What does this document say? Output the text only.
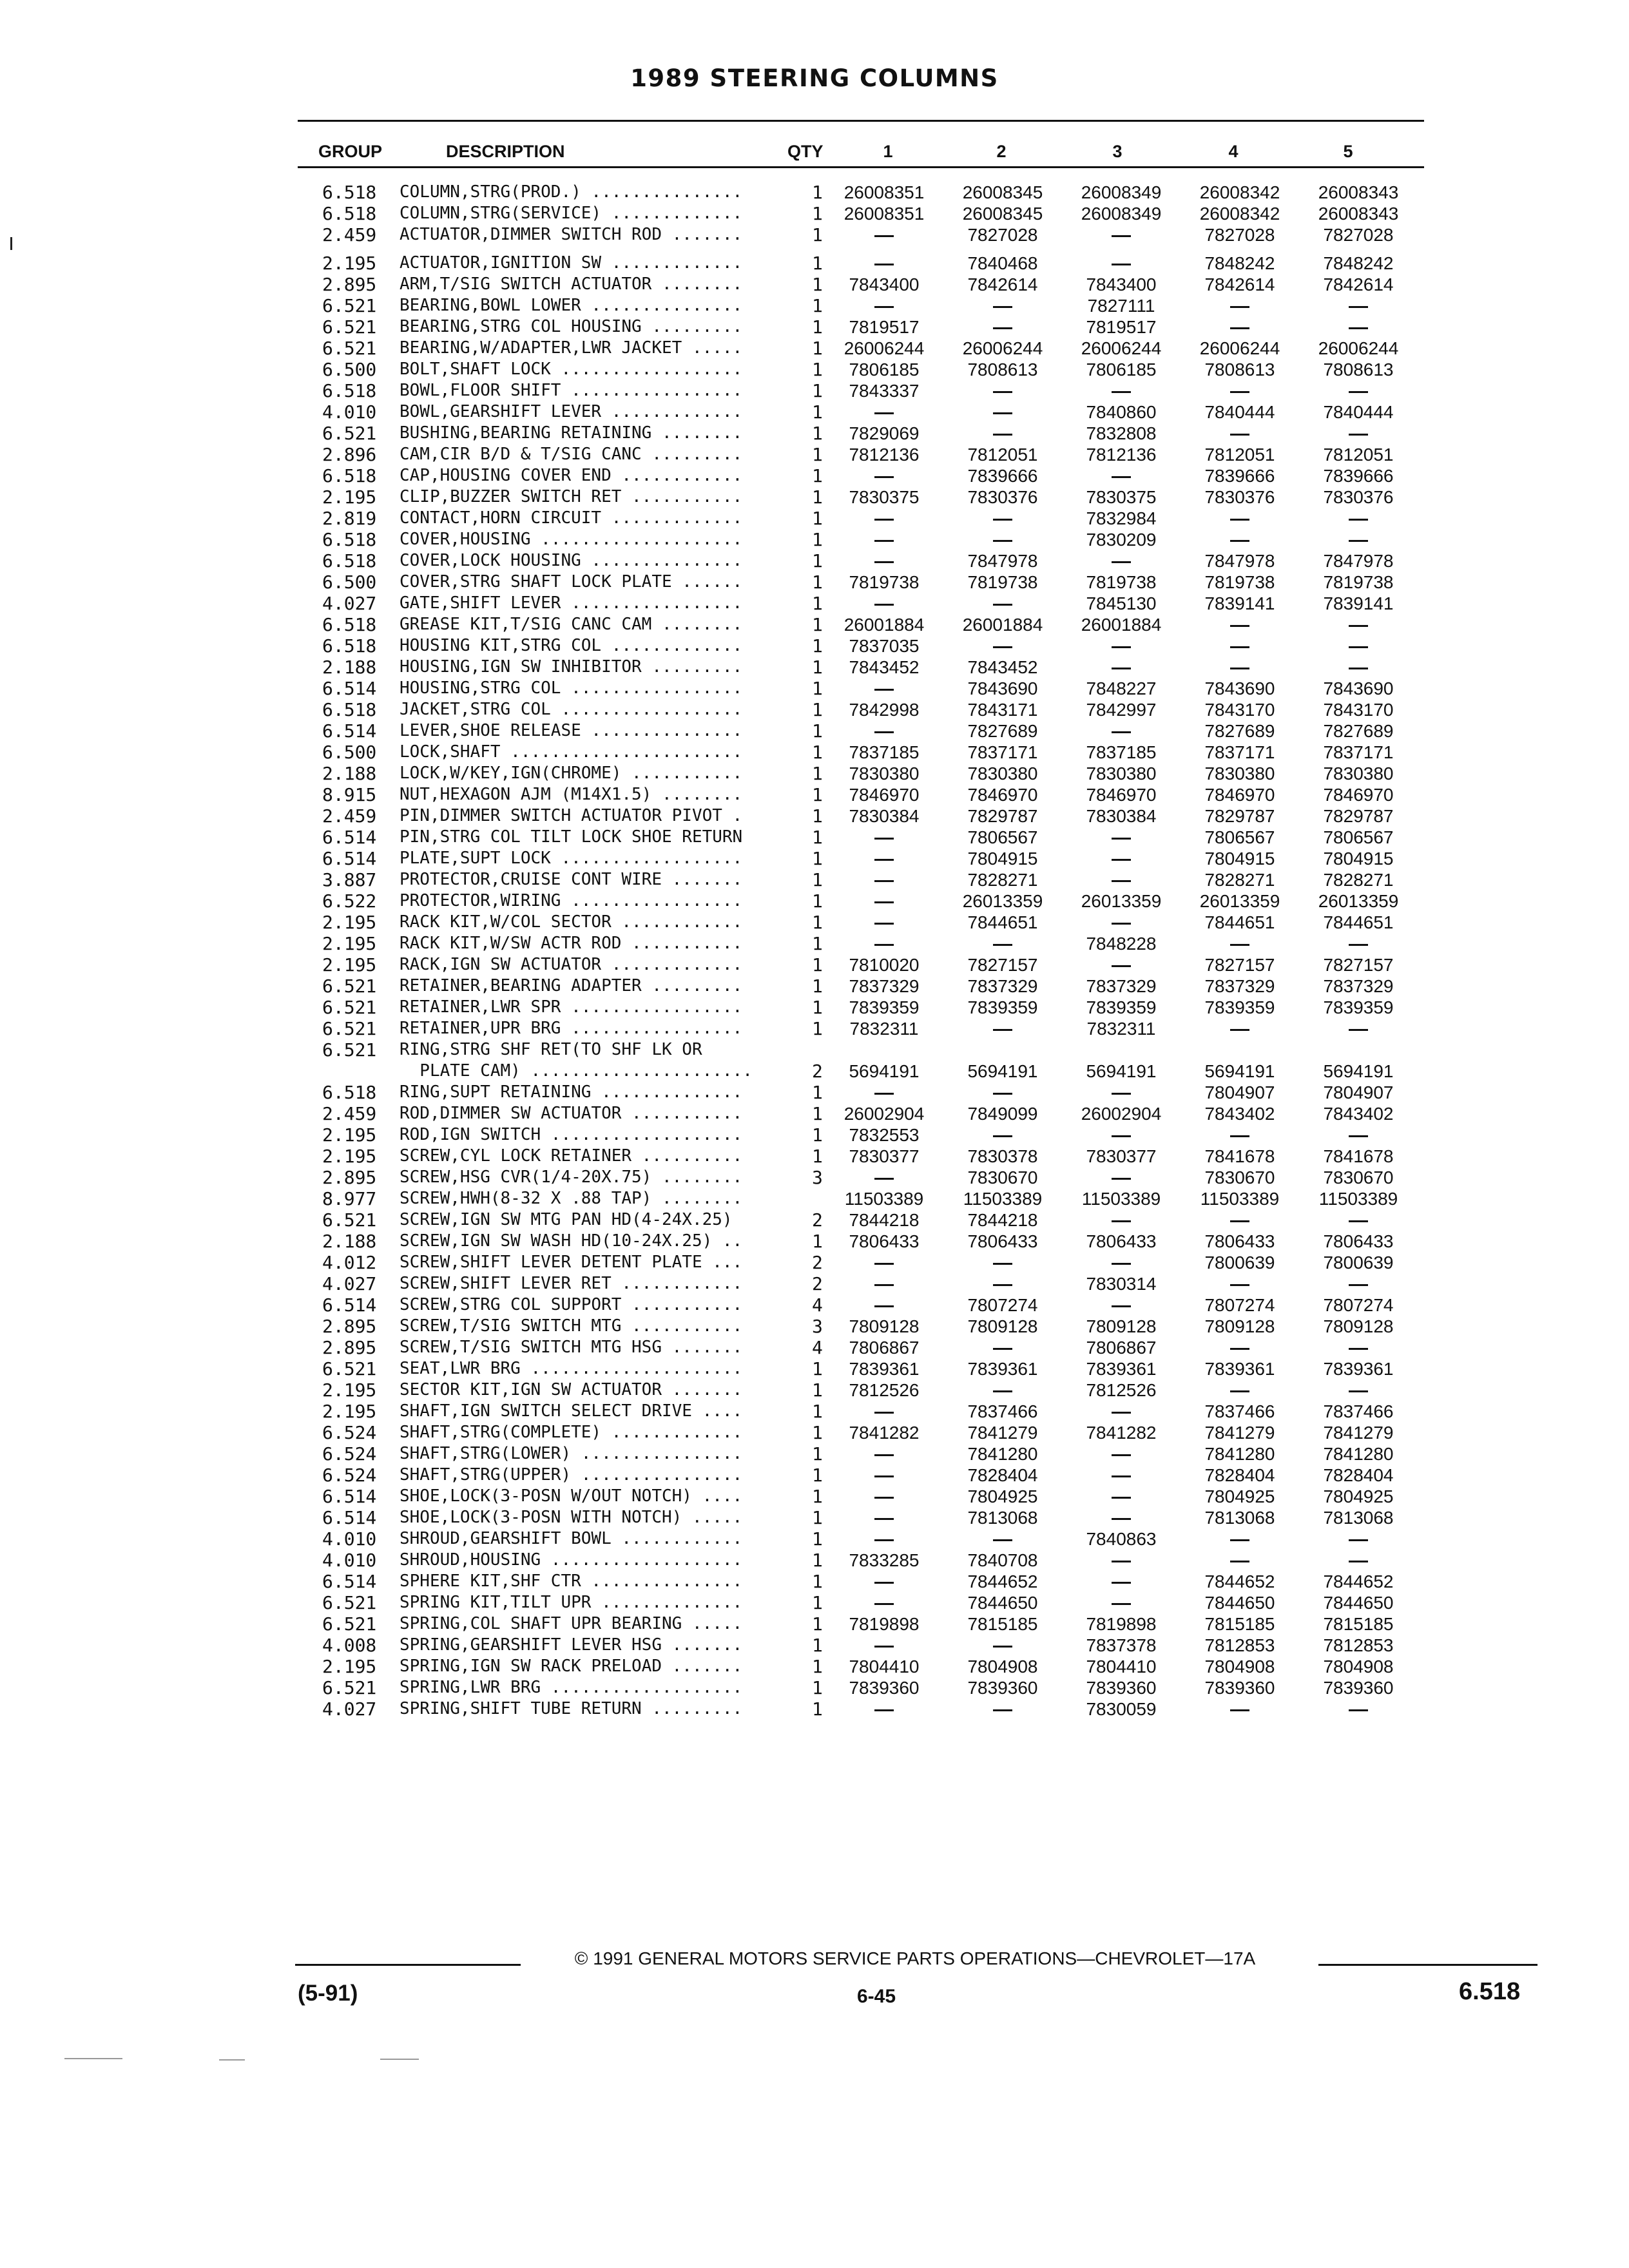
1989 STEERING COLUMNS
GROUP	DESCRIPTION	QTY	1	2	3	4	5
6.518	COLUMN,STRG(PROD.) ...............	1	26008351	26008345	26008349	26008342	26008343
6.518	COLUMN,STRG(SERVICE) .............	1	26008351	26008345	26008349	26008342	26008343
2.459	ACTUATOR,DIMMER SWITCH ROD .......	1		7827028		7827028	7827028
2.195	ACTUATOR,IGNITION SW .............	1		7840468		7848242	7848242
2.895	ARM,T/SIG SWITCH ACTUATOR ........	1	7843400	7842614	7843400	7842614	7842614
6.521	BEARING,BOWL LOWER ...............	1			7827111		
6.521	BEARING,STRG COL HOUSING .........	1	7819517		7819517		
6.521	BEARING,W/ADAPTER,LWR JACKET .....	1	26006244	26006244	26006244	26006244	26006244
6.500	BOLT,SHAFT LOCK ..................	1	7806185	7808613	7806185	7808613	7808613
6.518	BOWL,FLOOR SHIFT .................	1	7843337				
4.010	BOWL,GEARSHIFT LEVER .............	1			7840860	7840444	7840444
6.521	BUSHING,BEARING RETAINING ........	1	7829069		7832808		
2.896	CAM,CIR B/D & T/SIG CANC .........	1	7812136	7812051	7812136	7812051	7812051
6.518	CAP,HOUSING COVER END ............	1		7839666		7839666	7839666
2.195	CLIP,BUZZER SWITCH RET ...........	1	7830375	7830376	7830375	7830376	7830376
2.819	CONTACT,HORN CIRCUIT .............	1			7832984		
6.518	COVER,HOUSING ....................	1			7830209		
6.518	COVER,LOCK HOUSING ...............	1		7847978		7847978	7847978
6.500	COVER,STRG SHAFT LOCK PLATE ......	1	7819738	7819738	7819738	7819738	7819738
4.027	GATE,SHIFT LEVER .................	1			7845130	7839141	7839141
6.518	GREASE KIT,T/SIG CANC CAM ........	1	26001884	26001884	26001884		
6.518	HOUSING KIT,STRG COL .............	1	7837035				
2.188	HOUSING,IGN SW INHIBITOR .........	1	7843452	7843452			
6.514	HOUSING,STRG COL .................	1		7843690	7848227	7843690	7843690
6.518	JACKET,STRG COL ..................	1	7842998	7843171	7842997	7843170	7843170
6.514	LEVER,SHOE RELEASE ...............	1		7827689		7827689	7827689
6.500	LOCK,SHAFT .......................	1	7837185	7837171	7837185	7837171	7837171
2.188	LOCK,W/KEY,IGN(CHROME) ...........	1	7830380	7830380	7830380	7830380	7830380
8.915	NUT,HEXAGON AJM (M14X1.5) ........	1	7846970	7846970	7846970	7846970	7846970
2.459	PIN,DIMMER SWITCH ACTUATOR PIVOT .	1	7830384	7829787	7830384	7829787	7829787
6.514	PIN,STRG COL TILT LOCK SHOE RETURN	1		7806567		7806567	7806567
6.514	PLATE,SUPT LOCK ..................	1		7804915		7804915	7804915
3.887	PROTECTOR,CRUISE CONT WIRE .......	1		7828271		7828271	7828271
6.522	PROTECTOR,WIRING .................	1		26013359	26013359	26013359	26013359
2.195	RACK KIT,W/COL SECTOR ............	1		7844651		7844651	7844651
2.195	RACK KIT,W/SW ACTR ROD ...........	1			7848228		
2.195	RACK,IGN SW ACTUATOR .............	1	7810020	7827157		7827157	7827157
6.521	RETAINER,BEARING ADAPTER .........	1	7837329	7837329	7837329	7837329	7837329
6.521	RETAINER,LWR SPR .................	1	7839359	7839359	7839359	7839359	7839359
6.521	RETAINER,UPR BRG .................	1	7832311		7832311		
6.521	RING,STRG SHF RET(TO SHF LK OR						
	PLATE CAM) ......................	2	5694191	5694191	5694191	5694191	5694191
6.518	RING,SUPT RETAINING ..............	1				7804907	7804907
2.459	ROD,DIMMER SW ACTUATOR ...........	1	26002904	7849099	26002904	7843402	7843402
2.195	ROD,IGN SWITCH ...................	1	7832553				
2.195	SCREW,CYL LOCK RETAINER ..........	1	7830377	7830378	7830377	7841678	7841678
2.895	SCREW,HSG CVR(1/4-20X.75) ........	3		7830670		7830670	7830670
8.977	SCREW,HWH(8-32 X .88 TAP) ........		11503389	11503389	11503389	11503389	11503389
6.521	SCREW,IGN SW MTG PAN HD(4-24X.25)	2	7844218	7844218			
2.188	SCREW,IGN SW WASH HD(10-24X.25) ..	1	7806433	7806433	7806433	7806433	7806433
4.012	SCREW,SHIFT LEVER DETENT PLATE ...	2				7800639	7800639
4.027	SCREW,SHIFT LEVER RET ............	2			7830314		
6.514	SCREW,STRG COL SUPPORT ...........	4		7807274		7807274	7807274
2.895	SCREW,T/SIG SWITCH MTG ...........	3	7809128	7809128	7809128	7809128	7809128
2.895	SCREW,T/SIG SWITCH MTG HSG .......	4	7806867		7806867		
6.521	SEAT,LWR BRG .....................	1	7839361	7839361	7839361	7839361	7839361
2.195	SECTOR KIT,IGN SW ACTUATOR .......	1	7812526		7812526		
2.195	SHAFT,IGN SWITCH SELECT DRIVE ....	1		7837466		7837466	7837466
6.524	SHAFT,STRG(COMPLETE) .............	1	7841282	7841279	7841282	7841279	7841279
6.524	SHAFT,STRG(LOWER) ................	1		7841280		7841280	7841280
6.524	SHAFT,STRG(UPPER) ................	1		7828404		7828404	7828404
6.514	SHOE,LOCK(3-POSN W/OUT NOTCH) ....	1		7804925		7804925	7804925
6.514	SHOE,LOCK(3-POSN WITH NOTCH) .....	1		7813068		7813068	7813068
4.010	SHROUD,GEARSHIFT BOWL ............	1			7840863		
4.010	SHROUD,HOUSING ...................	1	7833285	7840708			
6.514	SPHERE KIT,SHF CTR ...............	1		7844652		7844652	7844652
6.521	SPRING KIT,TILT UPR ..............	1		7844650		7844650	7844650
6.521	SPRING,COL SHAFT UPR BEARING .....	1	7819898	7815185	7819898	7815185	7815185
4.008	SPRING,GEARSHIFT LEVER HSG .......	1			7837378	7812853	7812853
2.195	SPRING,IGN SW RACK PRELOAD .......	1	7804410	7804908	7804410	7804908	7804908
6.521	SPRING,LWR BRG ...................	1	7839360	7839360	7839360	7839360	7839360
4.027	SPRING,SHIFT TUBE RETURN .........	1			7830059		
© 1991 GENERAL MOTORS SERVICE PARTS OPERATIONS—CHEVROLET—17A
(5-91)	6-45	6.518
